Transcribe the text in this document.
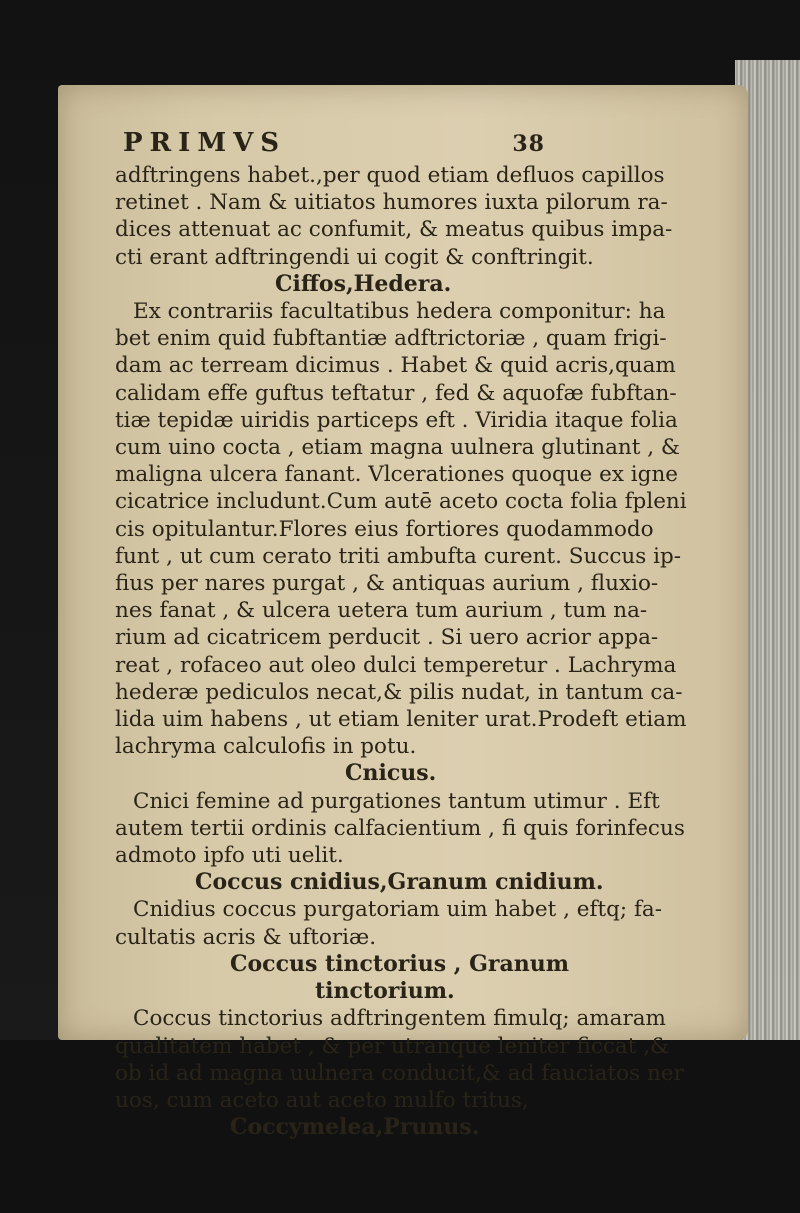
PRIMVS	38
adftringens habet.,per quod etiam defluos capillos
retinet . Nam & uitiatos humores iuxta pilorum ra-
dices attenuat ac confumit, & meatus quibus impa-
cti erant adftringendi ui cogit & conftringit.
Ciffos,Hedera.
Ex contrariis facultatibus hedera componitur: ha
bet enim quid fubftantiæ adftrictoriæ , quam frigi-
dam ac terream dicimus . Habet & quid acris,quam
calidam effe guftus teftatur , fed & aquofæ fubftan-
tiæ tepidæ uiridis particeps eft . Viridia itaque folia
cum uino cocta , etiam magna uulnera glutinant , &
maligna ulcera fanant. Vlcerationes quoque ex igne
cicatrice includunt.Cum autē aceto cocta folia fpleni
cis opitulantur.Flores eius fortiores quodammodo
funt , ut cum cerato triti ambufta curent. Succus ip-
fius per nares purgat , & antiquas aurium , fluxio-
nes fanat , & ulcera uetera tum aurium , tum na-
rium ad cicatricem perducit . Si uero acrior appa-
reat , rofaceo aut oleo dulci temperetur . Lachryma
hederæ pediculos necat,& pilis nudat, in tantum ca-
lida uim habens , ut etiam leniter urat.Prodeft etiam
lachryma calculofis in potu.
Cnicus.
Cnici femine ad purgationes tantum utimur . Eft
autem tertii ordinis calfacientium , fi quis forinfecus
admoto ipfo uti uelit.
Coccus cnidius,Granum cnidium.
Cnidius coccus purgatoriam uim habet , eftq; fa-
cultatis acris & uftoriæ.
Coccus tinctorius , Granum
tinctorium.
Coccus tinctorius adftringentem fimulq; amaram
qualitatem habet , & per utranque leniter ficcat ,&
ob id ad magna uulnera conducit,& ad fauciatos ner
uos, cum aceto aut aceto mulfo tritus,
Coccymelea,Prunus.
